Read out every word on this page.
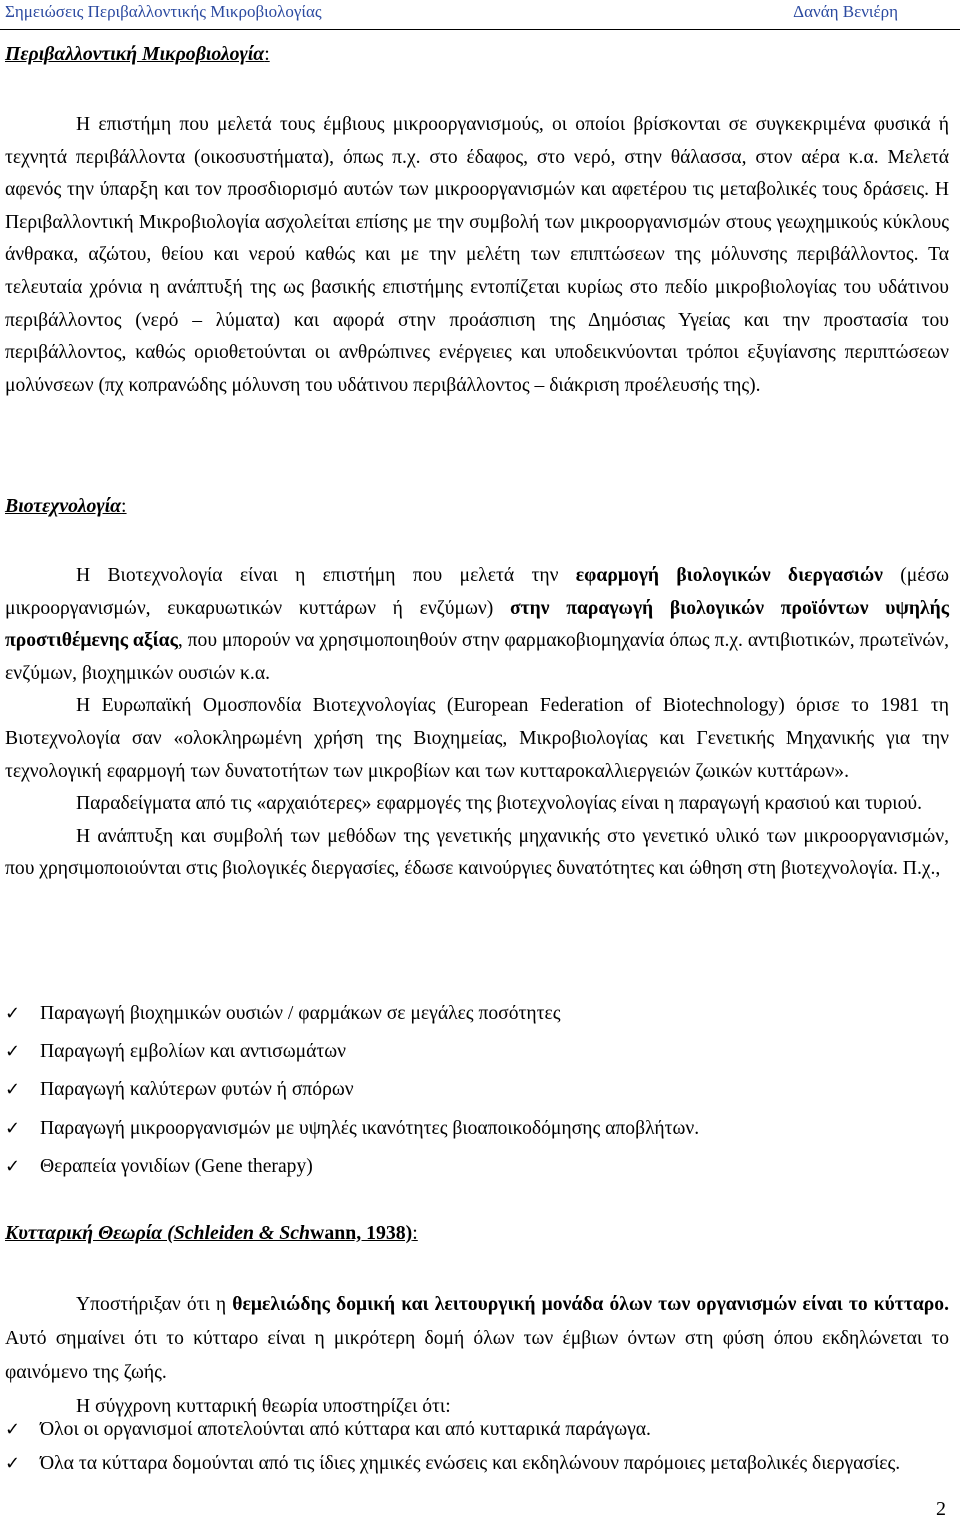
Σημειώσεις Περιβαλλοντικής Μικροβιολογίας	Δανάη Βενιέρη
Περιβαλλοντική Μικροβιολογία:

Η επιστήμη που μελετά τους έμβιους μικροοργανισμούς, οι οποίοι βρίσκονται σε συγκεκριμένα φυσικά ή τεχνητά περιβάλλοντα (οικοσυστήματα), όπως π.χ. στο έδαφος, στο νερό, στην θάλασσα, στον αέρα κ.α. Μελετά αφενός την ύπαρξη και τον προσδιορισμό αυτών των μικροοργανισμών και αφετέρου τις μεταβολικές τους δράσεις. Η Περιβαλλοντική Μικροβιολογία ασχολείται επίσης με την συμβολή των μικροοργανισμών στους γεωχημικούς κύκλους άνθρακα, αζώτου, θείου και νερού καθώς και με την μελέτη των επιπτώσεων της μόλυνσης περιβάλλοντος. Τα τελευταία χρόνια η ανάπτυξή της ως βασικής επιστήμης εντοπίζεται κυρίως στο πεδίο μικροβιολογίας του υδάτινου περιβάλλοντος (νερό – λύματα) και αφορά στην προάσπιση της Δημόσιας Υγείας και την προστασία του περιβάλλοντος, καθώς οριοθετούνται οι ανθρώπινες ενέργειες και υποδεικνύονται τρόποι εξυγίανσης περιπτώσεων μολύνσεων (πχ κοπρανώδης μόλυνση του υδάτινου περιβάλλοντος – διάκριση προέλευσής της).

Βιοτεχνολογία:

Η Βιοτεχνολογία είναι η επιστήμη που μελετά την εφαρμογή βιολογικών διεργασιών (μέσω μικροοργανισμών, ευκαρυωτικών κυττάρων ή ενζύμων) στην παραγωγή βιολογικών προϊόντων υψηλής προστιθέμενης αξίας, που μπορούν να χρησιμοποιηθούν στην φαρμακοβιομηχανία όπως π.χ. αντιβιοτικών, πρωτεϊνών, ενζύμων, βιοχημικών ουσιών κ.α.

Η Ευρωπαϊκή Ομοσπονδία Βιοτεχνολογίας (European Federation of Biotechnology) όρισε το 1981 τη Βιοτεχνολογία σαν «ολοκληρωμένη χρήση της Βιοχημείας, Μικροβιολογίας και Γενετικής Μηχανικής για την τεχνολογική εφαρμογή των δυνατοτήτων των μικροβίων και των κυτταροκαλλιεργειών ζωικών κυττάρων».

Παραδείγματα από τις «αρχαιότερες» εφαρμογές της βιοτεχνολογίας είναι η παραγωγή κρασιού και τυριού.

Η ανάπτυξη και συμβολή των μεθόδων της γενετικής μηχανικής στο γενετικό υλικό των μικροοργανισμών, που χρησιμοποιούνται στις βιολογικές διεργασίες, έδωσε καινούργιες δυνατότητες και ώθηση στη βιοτεχνολογία. Π.χ.,

✓ Παραγωγή βιοχημικών ουσιών / φαρμάκων σε μεγάλες ποσότητες
✓ Παραγωγή εμβολίων και αντισωμάτων
✓ Παραγωγή καλύτερων φυτών ή σπόρων
✓ Παραγωγή μικροοργανισμών με υψηλές ικανότητες βιοαποικοδόμησης αποβλήτων.
✓ Θεραπεία γονιδίων (Gene therapy)
Κυτταρική Θεωρία (Schleiden & Schwann, 1938):

Υποστήριξαν ότι η θεμελιώδης δομική και λειτουργική μονάδα όλων των οργανισμών είναι το κύτταρο. Αυτό σημαίνει ότι το κύτταρο είναι η μικρότερη δομή όλων των έμβιων όντων στη φύση όπου εκδηλώνεται το φαινόμενο της ζωής.

Η σύγχρονη κυτταρική θεωρία υποστηρίζει ότι:

✓ Όλοι οι οργανισμοί αποτελούνται από κύτταρα και από κυτταρικά παράγωγα.
✓ Όλα τα κύτταρα δομούνται από τις ίδιες χημικές ενώσεις και εκδηλώνουν παρόμοιες μεταβολικές διεργασίες.
2
